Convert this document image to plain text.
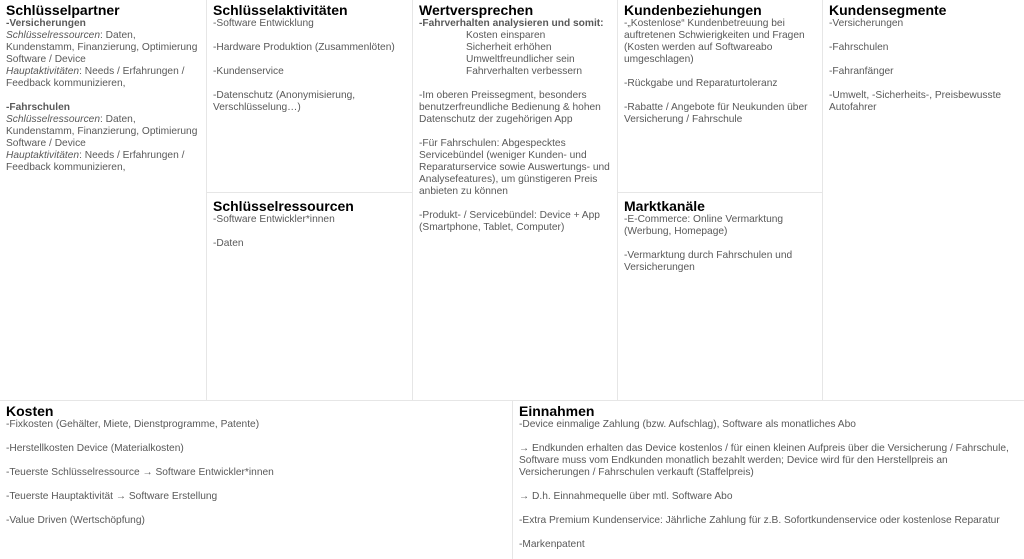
Schlüsselpartner
-Versicherungen
Schlüsselressourcen: Daten, Kundenstamm, Finanzierung, Optimierung Software / Device
Hauptaktivitäten: Needs / Erfahrungen / Feedback kommunizieren,
-Fahrschulen
Schlüsselressourcen: Daten, Kundenstamm, Finanzierung, Optimierung Software / Device
Hauptaktivitäten: Needs / Erfahrungen / Feedback kommunizieren,
Schlüsselaktivitäten
-Software Entwicklung
-Hardware Produktion (Zusammenlöten)
-Kundenservice
-Datenschutz (Anonymisierung, Verschlüsselung…)
Schlüsselressourcen
-Software Entwickler*innen
-Daten
Wertversprechen
-Fahrverhalten analysieren und somit:
Kosten einsparen
Sicherheit erhöhen
Umweltfreundlicher sein
Fahrverhalten verbessern
-Im oberen Preissegment, besonders benutzerfreundliche Bedienung & hohen Datenschutz der zugehörigen App
-Für Fahrschulen: Abgespecktes Servicebündel (weniger Kunden- und Reparaturservice sowie Auswertungs- und Analysefeatures), um günstigeren Preis anbieten zu können
-Produkt- / Servicebündel: Device + App (Smartphone, Tablet, Computer)
Kundenbeziehungen
-„Kostenlose“ Kundenbetreuung bei auftretenen Schwierigkeiten und Fragen (Kosten werden auf Softwareabo umgeschlagen)
-Rückgabe und Reparaturtoleranz
-Rabatte / Angebote für Neukunden über Versicherung / Fahrschule
Marktkanäle
-E-Commerce: Online Vermarktung (Werbung, Homepage)
-Vermarktung durch Fahrschulen und Versicherungen
Kundensegmente
-Versicherungen
-Fahrschulen
-Fahranfänger
-Umwelt, -Sicherheits-, Preisbewusste Autofahrer
Kosten
-Fixkosten (Gehälter, Miete, Dienstprogramme, Patente)
-Herstellkosten Device (Materialkosten)
-Teuerste Schlüsselressource → Software Entwickler*innen
-Teuerste Hauptaktivität → Software Erstellung
-Value Driven (Wertschöpfung)
Einnahmen
-Device einmalige Zahlung (bzw. Aufschlag), Software als monatliches Abo
→ Endkunden erhalten das Device kostenlos / für einen kleinen Aufpreis über die Versicherung / Fahrschule, Software muss vom Endkunden monatlich bezahlt werden; Device wird für den Herstellpreis an Versicherungen / Fahrschulen verkauft (Staffelpreis)
→ D.h. Einnahmequelle über mtl. Software Abo
-Extra Premium Kundenservice: Jährliche Zahlung für z.B. Sofortkundenservice oder kostenlose Reparatur
-Markenpatent
